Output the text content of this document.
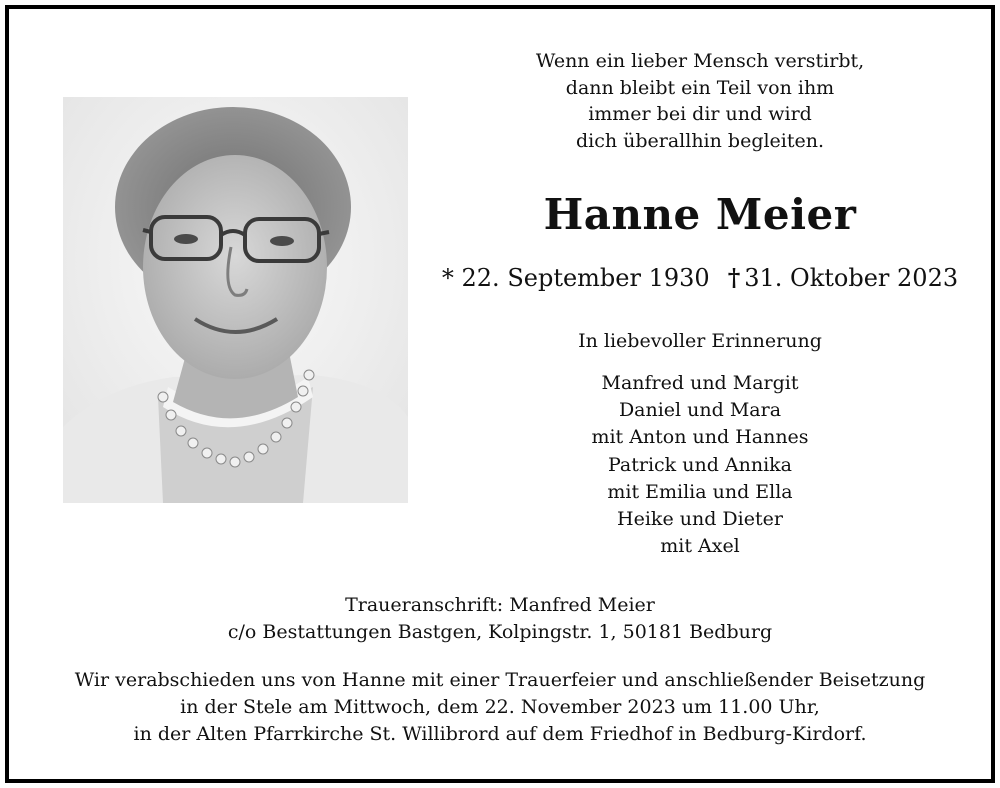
Wenn ein lieber Mensch verstirbt,
dann bleibt ein Teil von ihm
immer bei dir und wird
dich überallhin begleiten.
Hanne Meier
* 22. September 1930 † 31. Oktober 2023
In liebevoller Erinnerung
Manfred und Margit
Daniel und Mara
mit Anton und Hannes
Patrick und Annika
mit Emilia und Ella
Heike und Dieter
mit Axel
Traueranschrift: Manfred Meier
c/o Bestattungen Bastgen, Kolpingstr. 1, 50181 Bedburg
Wir verabschieden uns von Hanne mit einer Trauerfeier und anschließender Beisetzung
in der Stele am Mittwoch, dem 22. November 2023 um 11.00 Uhr,
in der Alten Pfarrkirche St. Willibrord auf dem Friedhof in Bedburg-Kirdorf.
